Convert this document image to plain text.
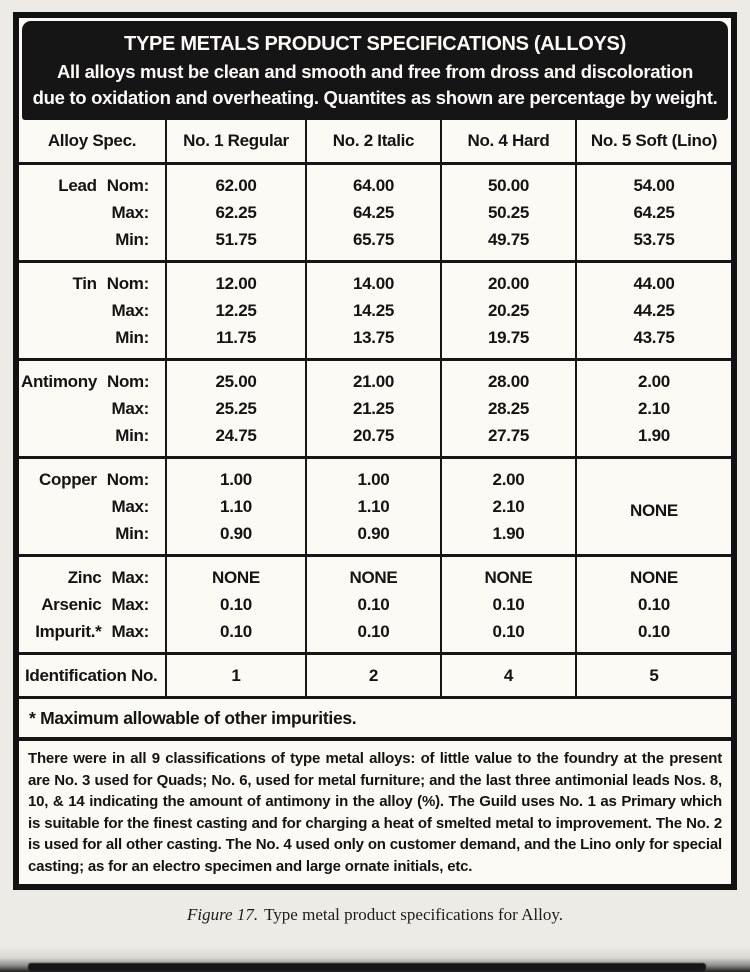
TYPE METALS PRODUCT SPECIFICATIONS (ALLOYS)
All alloys must be clean and smooth and free from dross and discoloration
due to oxidation and overheating. Quantites as shown are percentage by weight.
Alloy Spec.	No. 1 Regular	No. 2 Italic	No. 4 Hard	No. 5 Soft (Lino)
Lead Nom:	62.00	64.00	50.00	54.00
Max:	62.25	64.25	50.25	64.25
Min:	51.75	65.75	49.75	53.75
Tin Nom:	12.00	14.00	20.00	44.00
Max:	12.25	14.25	20.25	44.25
Min:	11.75	13.75	19.75	43.75
Antimony Nom:	25.00	21.00	28.00	2.00
Max:	25.25	21.25	28.25	2.10
Min:	24.75	20.75	27.75	1.90
Copper Nom:	1.00	1.00	2.00	NONE
Max:	1.10	1.10	2.10	
Min:	0.90	0.90	1.90	
Zinc Max:	NONE	NONE	NONE	NONE
Arsenic Max:	0.10	0.10	0.10	0.10
Impurit.* Max:	0.10	0.10	0.10	0.10
Identification No.	1	2	4	5
* Maximum allowable of other impurities.				
There were in all 9 classifications of type metal alloys: of little value to the foundry at the present are No. 3 used for Quads; No. 6, used for metal furniture; and the last three antimonial leads Nos. 8, 10, & 14 indicating the amount of antimony in the alloy (%). The Guild uses No. 1 as Primary which is suitable for the finest casting and for charging a heat of smelted metal to improvement. The No. 2 is used for all other casting. The No. 4 used only on customer demand, and the Lino only for special casting; as for an electro specimen and large ornate initials, etc.				
Figure 17. Type metal product specifications for Alloy.
